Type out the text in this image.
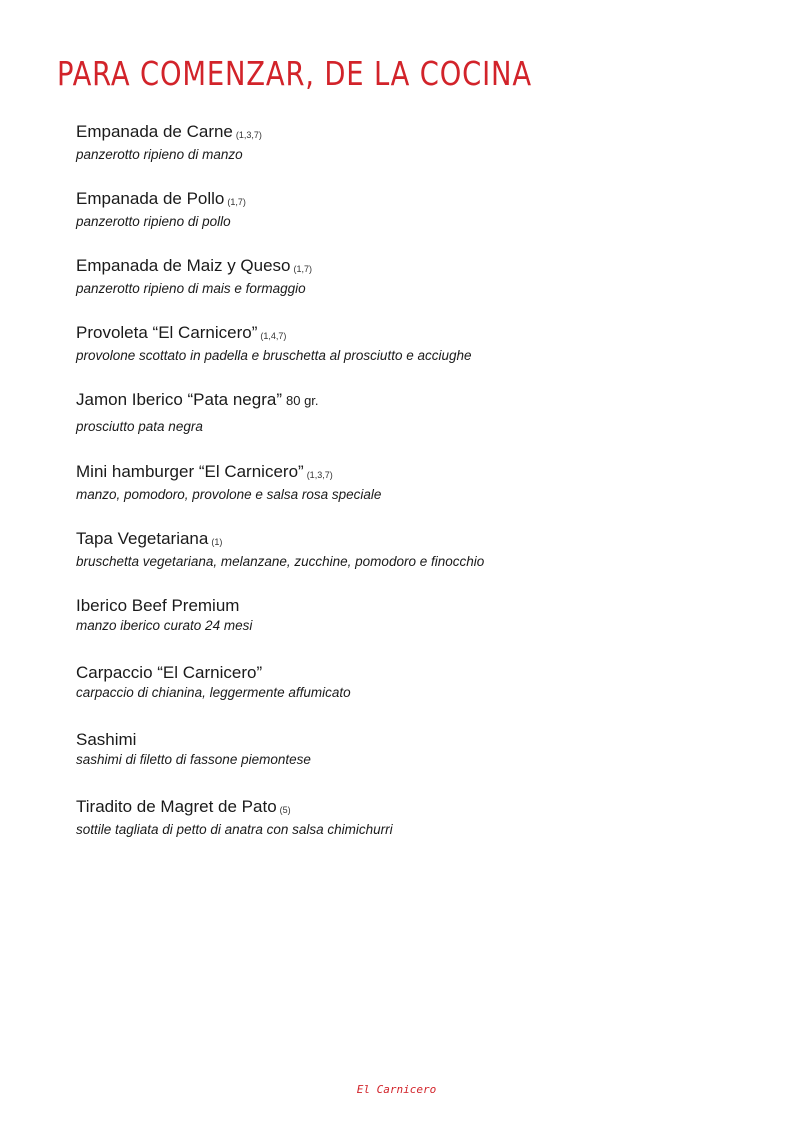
PARA COMENZAR, DE LA COCINA
Empanada de Carne (1,3,7)
panzerotto ripieno di manzo
Empanada de Pollo (1,7)
panzerotto ripieno di pollo
Empanada de Maiz y Queso (1,7)
panzerotto ripieno di mais e formaggio
Provoleta “El Carnicero” (1,4,7)
provolone scottato in padella e bruschetta al prosciutto e acciughe
Jamon Iberico “Pata negra” 80 gr.
prosciutto pata negra
Mini hamburger “El Carnicero” (1,3,7)
manzo, pomodoro, provolone e salsa rosa speciale
Tapa Vegetariana (1)
bruschetta vegetariana, melanzane, zucchine, pomodoro e finocchio
Iberico Beef Premium
manzo iberico curato 24 mesi
Carpaccio “El Carnicero”
carpaccio di chianina, leggermente affumicato
Sashimi
sashimi di filetto di fassone piemontese
Tiradito de Magret de Pato (5)
sottile tagliata di petto di anatra con salsa chimichurri
El Carnicero
